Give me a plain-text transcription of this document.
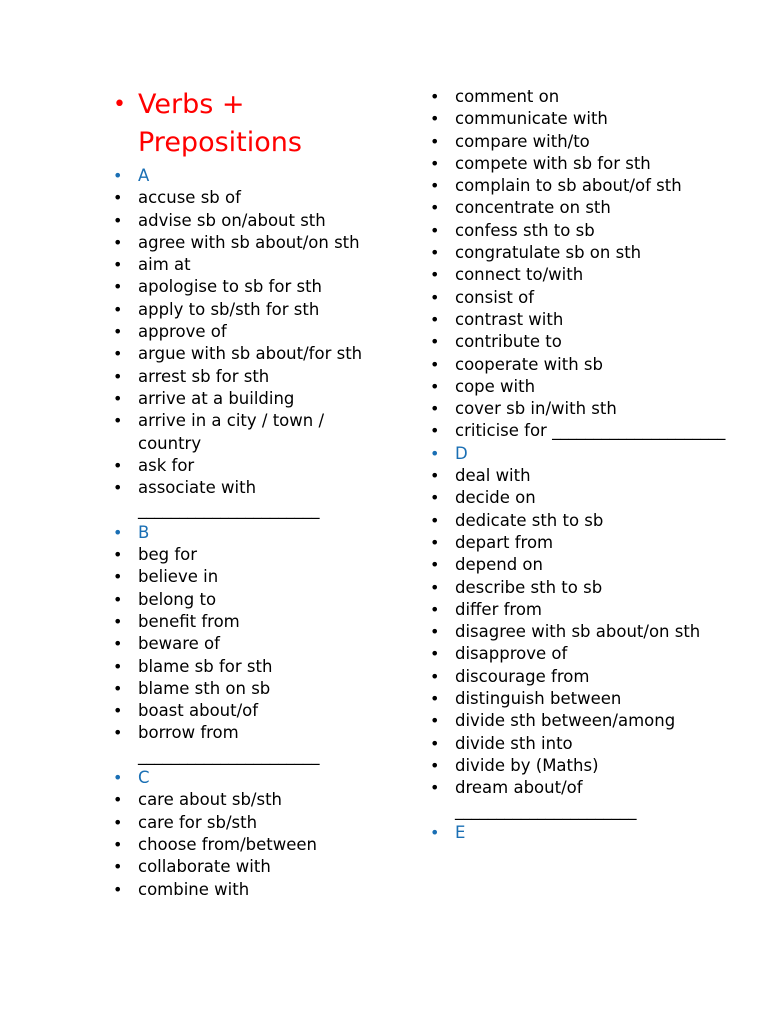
• Verbs + Prepositions
• A
• accuse sb of
• advise sb on/about sth
• agree with sb about/on sth
• aim at
• apologise to sb for sth
• apply to sb/sth for sth
• approve of
• argue with sb about/for sth
• arrest sb for sth
• arrive at a building
• arrive in a city / town / country
• ask for
• associate with ______________________
• B
• beg for
• believe in
• belong to
• benefit from
• beware of
• blame sb for sth
• blame sth on sb
• boast about/of
• borrow from ______________________
• C
• care about sb/sth
• care for sb/sth
• choose from/between
• collaborate with
• combine with
• comment on
• communicate with
• compare with/to
• compete with sb for sth
• complain to sb about/of sth
• concentrate on sth
• confess sth to sb
• congratulate sb on sth
• connect to/with
• consist of
• contrast with
• contribute to
• cooperate with sb
• cope with
• cover sb in/with sth
• criticise for _____________________
• D
• deal with
• decide on
• dedicate sth to sb
• depart from
• depend on
• describe sth to sb
• differ from
• disagree with sb about/on sth
• disapprove of
• discourage from
• distinguish between
• divide sth between/among
• divide sth into
• divide by (Maths)
• dream about/of ______________________
• E
